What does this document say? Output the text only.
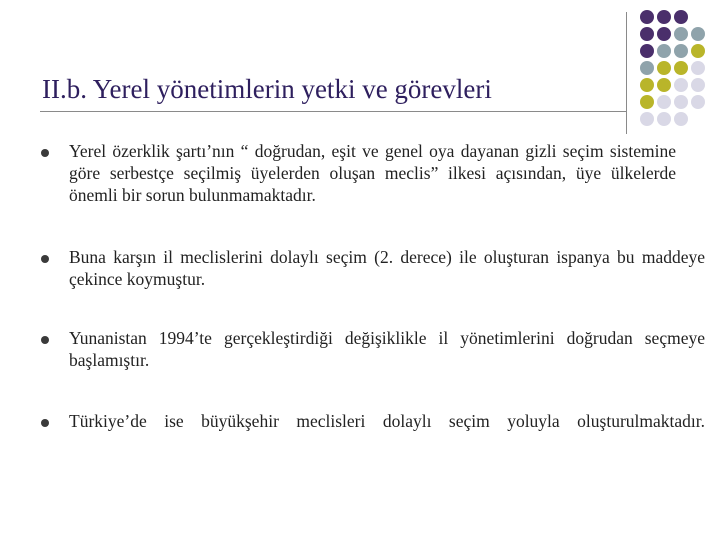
II.b. Yerel yönetimlerin yetki ve görevleri
Yerel özerklik şartı’nın “ doğrudan, eşit ve genel oya dayanan gizli seçim sistemine göre serbestçe seçilmiş üyelerden oluşan meclis” ilkesi açısından, üye ülkelerde önemli bir sorun bulunmamaktadır.
Buna karşın il meclislerini dolaylı seçim (2. derece) ile oluşturan ispanya bu maddeye çekince koymuştur.
Yunanistan 1994’te gerçekleştirdiği değişiklikle il yönetimlerini doğrudan seçmeye başlamıştır.
Türkiye’de ise büyükşehir meclisleri dolaylı seçim yoluyla oluşturulmaktadır.
